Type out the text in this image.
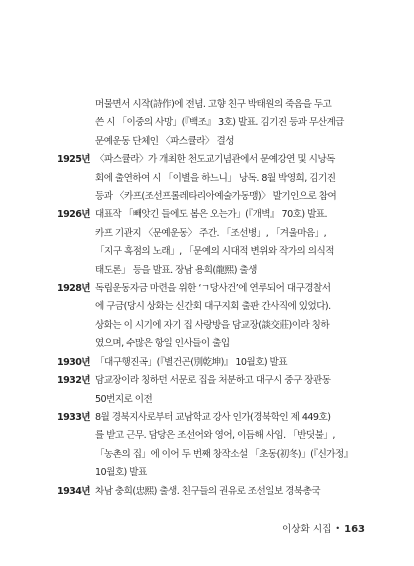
머물면서 시작(詩作)에 전념. 고향 친구 박태원의 죽음을 두고
쓴 시 「이중의 사망」(『백조』 3호) 발표. 김기진 등과 무산계급
문예운동 단체인 〈파스큘라〉 결성
1925년 〈파스큘라〉가 개최한 천도교기념관에서 문예강연 및 시낭독
회에 출연하여 시 「이별을 하느니」 낭독. 8월 박영희, 김기진
등과 〈카프(조선프롤레타리아예술가동맹)〉 발기인으로 참여
1926년 대표작 「빼앗긴 들에도 봄은 오는가」(『개벽』 70호) 발표.
카프 기관지 〈문예운동〉 주간. 「조선병」, 「겨울마음」,
「지구 흑점의 노래」, 「문예의 시대적 변위와 작가의 의식적
태도론」 등을 발표. 장남 용희(龍熙) 출생
1928년 독립운동자금 마련을 위한 ‘ㄱ당사건’에 연루되어 대구경찰서
에 구금(당시 상화는 신간회 대구지회 출판 간사직에 있었다).
상화는 이 시기에 자기 집 사랑방을 담교장(談交莊)이라 칭하
였으며, 수많은 항일 인사들이 출입
1930년 「대구행진곡」(『별건곤(別乾坤)』 10월호) 발표
1932년 담교장이라 칭하던 서문로 집을 처분하고 대구시 중구 장관동
50번지로 이전
1933년 8월 경북지사로부터 교남학교 강사 인가(경북학인 제 449호)
를 받고 근무. 담당은 조선어와 영어, 이듬해 사임. 「반딧불」,
「농촌의 집」에 이어 두 번째 창작소설 「초동(初冬)」(『신가정』
10월호) 발표
1934년 차남 충희(忠熙) 출생. 친구들의 권유로 조선일보 경북총국
이상화 시집 • 163
